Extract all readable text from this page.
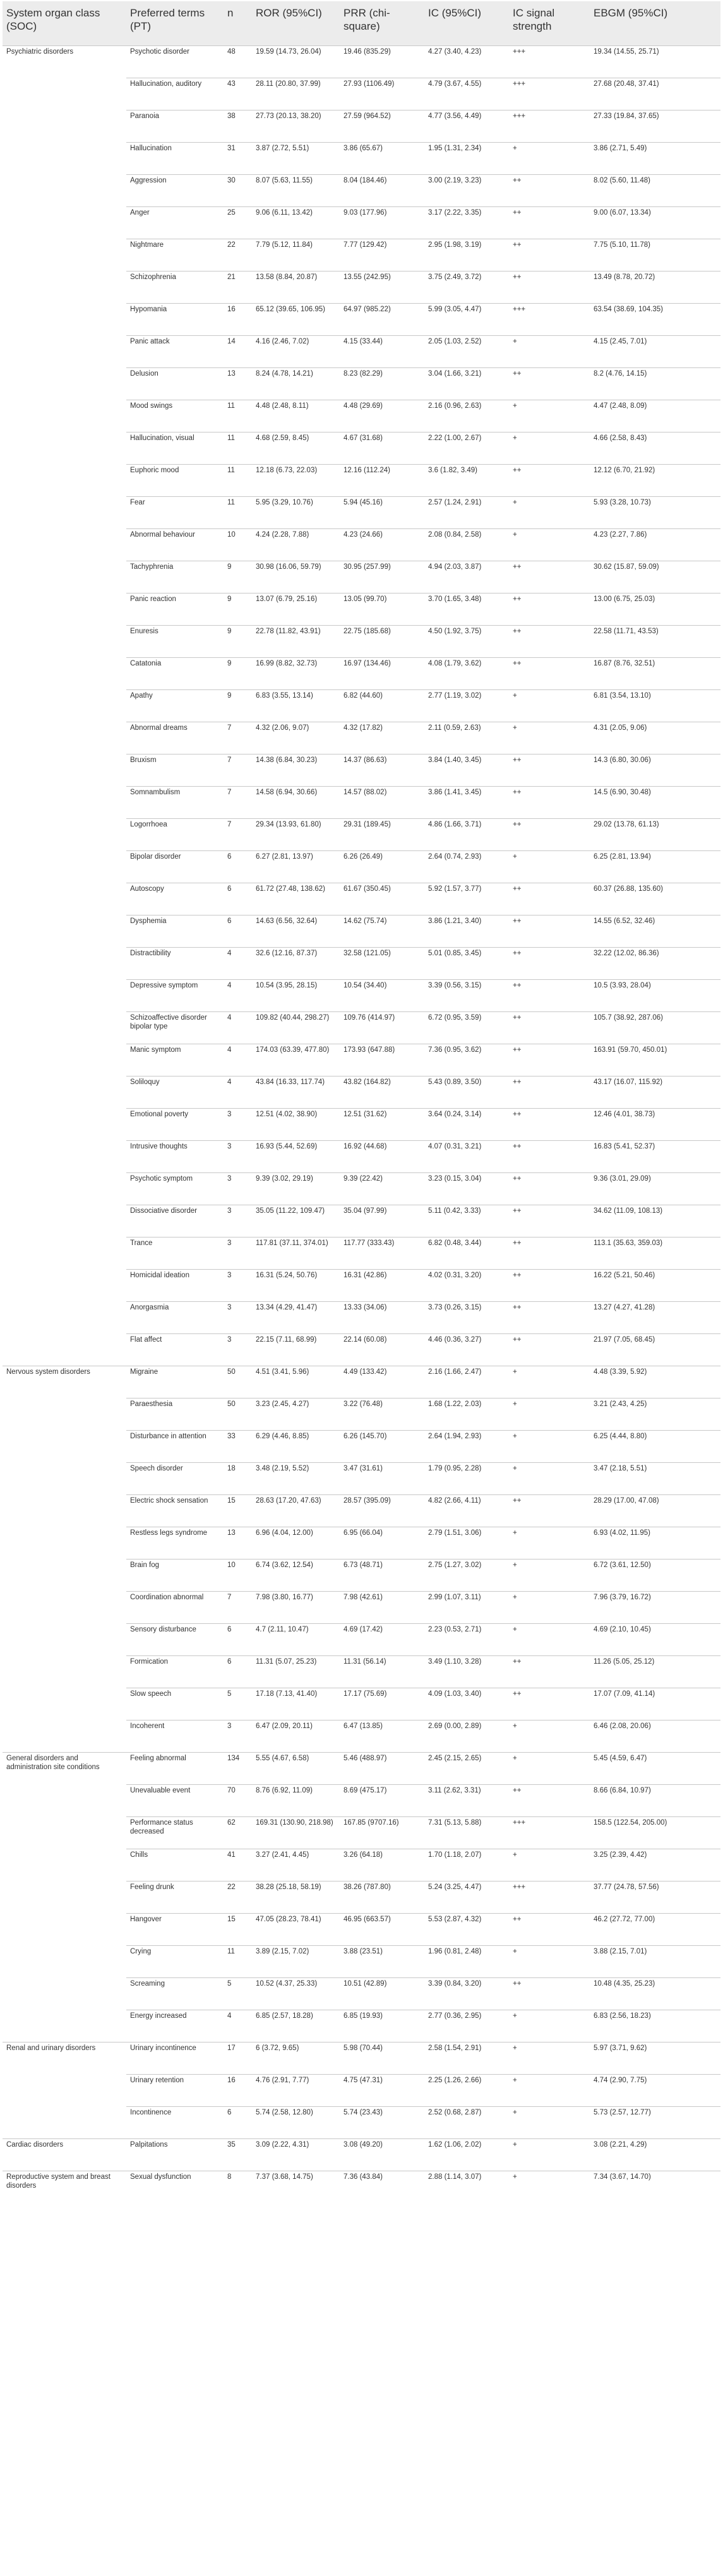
System organ class (SOC)	Preferred terms (PT)	n	ROR (95%CI)	PRR (chi-square)	IC (95%CI)	IC signal strength	EBGM (95%CI)
Psychiatric disorders	Psychotic disorder	48	19.59 (14.73, 26.04)	19.46 (835.29)	4.27 (3.40, 4.23)	+++	19.34 (14.55, 25.71)
	Hallucination, auditory	43	28.11 (20.80, 37.99)	27.93 (1106.49)	4.79 (3.67, 4.55)	+++	27.68 (20.48, 37.41)
	Paranoia	38	27.73 (20.13, 38.20)	27.59 (964.52)	4.77 (3.56, 4.49)	+++	27.33 (19.84, 37.65)
	Hallucination	31	3.87 (2.72, 5.51)	3.86 (65.67)	1.95 (1.31, 2.34)	+	3.86 (2.71, 5.49)
	Aggression	30	8.07 (5.63, 11.55)	8.04 (184.46)	3.00 (2.19, 3.23)	++	8.02 (5.60, 11.48)
	Anger	25	9.06 (6.11, 13.42)	9.03 (177.96)	3.17 (2.22, 3.35)	++	9.00 (6.07, 13.34)
	Nightmare	22	7.79 (5.12, 11.84)	7.77 (129.42)	2.95 (1.98, 3.19)	++	7.75 (5.10, 11.78)
	Schizophrenia	21	13.58 (8.84, 20.87)	13.55 (242.95)	3.75 (2.49, 3.72)	++	13.49 (8.78, 20.72)
	Hypomania	16	65.12 (39.65, 106.95)	64.97 (985.22)	5.99 (3.05, 4.47)	+++	63.54 (38.69, 104.35)
	Panic attack	14	4.16 (2.46, 7.02)	4.15 (33.44)	2.05 (1.03, 2.52)	+	4.15 (2.45, 7.01)
	Delusion	13	8.24 (4.78, 14.21)	8.23 (82.29)	3.04 (1.66, 3.21)	++	8.2 (4.76, 14.15)
	Mood swings	11	4.48 (2.48, 8.11)	4.48 (29.69)	2.16 (0.96, 2.63)	+	4.47 (2.48, 8.09)
	Hallucination, visual	11	4.68 (2.59, 8.45)	4.67 (31.68)	2.22 (1.00, 2.67)	+	4.66 (2.58, 8.43)
	Euphoric mood	11	12.18 (6.73, 22.03)	12.16 (112.24)	3.6 (1.82, 3.49)	++	12.12 (6.70, 21.92)
	Fear	11	5.95 (3.29, 10.76)	5.94 (45.16)	2.57 (1.24, 2.91)	+	5.93 (3.28, 10.73)
	Abnormal behaviour	10	4.24 (2.28, 7.88)	4.23 (24.66)	2.08 (0.84, 2.58)	+	4.23 (2.27, 7.86)
	Tachyphrenia	9	30.98 (16.06, 59.79)	30.95 (257.99)	4.94 (2.03, 3.87)	++	30.62 (15.87, 59.09)
	Panic reaction	9	13.07 (6.79, 25.16)	13.05 (99.70)	3.70 (1.65, 3.48)	++	13.00 (6.75, 25.03)
	Enuresis	9	22.78 (11.82, 43.91)	22.75 (185.68)	4.50 (1.92, 3.75)	++	22.58 (11.71, 43.53)
	Catatonia	9	16.99 (8.82, 32.73)	16.97 (134.46)	4.08 (1.79, 3.62)	++	16.87 (8.76, 32.51)
	Apathy	9	6.83 (3.55, 13.14)	6.82 (44.60)	2.77 (1.19, 3.02)	+	6.81 (3.54, 13.10)
	Abnormal dreams	7	4.32 (2.06, 9.07)	4.32 (17.82)	2.11 (0.59, 2.63)	+	4.31 (2.05, 9.06)
	Bruxism	7	14.38 (6.84, 30.23)	14.37 (86.63)	3.84 (1.40, 3.45)	++	14.3 (6.80, 30.06)
	Somnambulism	7	14.58 (6.94, 30.66)	14.57 (88.02)	3.86 (1.41, 3.45)	++	14.5 (6.90, 30.48)
	Logorrhoea	7	29.34 (13.93, 61.80)	29.31 (189.45)	4.86 (1.66, 3.71)	++	29.02 (13.78, 61.13)
	Bipolar disorder	6	6.27 (2.81, 13.97)	6.26 (26.49)	2.64 (0.74, 2.93)	+	6.25 (2.81, 13.94)
	Autoscopy	6	61.72 (27.48, 138.62)	61.67 (350.45)	5.92 (1.57, 3.77)	++	60.37 (26.88, 135.60)
	Dysphemia	6	14.63 (6.56, 32.64)	14.62 (75.74)	3.86 (1.21, 3.40)	++	14.55 (6.52, 32.46)
	Distractibility	4	32.6 (12.16, 87.37)	32.58 (121.05)	5.01 (0.85, 3.45)	++	32.22 (12.02, 86.36)
	Depressive symptom	4	10.54 (3.95, 28.15)	10.54 (34.40)	3.39 (0.56, 3.15)	++	10.5 (3.93, 28.04)
	Schizoaffective disorder bipolar type	4	109.82 (40.44, 298.27)	109.76 (414.97)	6.72 (0.95, 3.59)	++	105.7 (38.92, 287.06)
	Manic symptom	4	174.03 (63.39, 477.80)	173.93 (647.88)	7.36 (0.95, 3.62)	++	163.91 (59.70, 450.01)
	Soliloquy	4	43.84 (16.33, 117.74)	43.82 (164.82)	5.43 (0.89, 3.50)	++	43.17 (16.07, 115.92)
	Emotional poverty	3	12.51 (4.02, 38.90)	12.51 (31.62)	3.64 (0.24, 3.14)	++	12.46 (4.01, 38.73)
	Intrusive thoughts	3	16.93 (5.44, 52.69)	16.92 (44.68)	4.07 (0.31, 3.21)	++	16.83 (5.41, 52.37)
	Psychotic symptom	3	9.39 (3.02, 29.19)	9.39 (22.42)	3.23 (0.15, 3.04)	++	9.36 (3.01, 29.09)
	Dissociative disorder	3	35.05 (11.22, 109.47)	35.04 (97.99)	5.11 (0.42, 3.33)	++	34.62 (11.09, 108.13)
	Trance	3	117.81 (37.11, 374.01)	117.77 (333.43)	6.82 (0.48, 3.44)	++	113.1 (35.63, 359.03)
	Homicidal ideation	3	16.31 (5.24, 50.76)	16.31 (42.86)	4.02 (0.31, 3.20)	++	16.22 (5.21, 50.46)
	Anorgasmia	3	13.34 (4.29, 41.47)	13.33 (34.06)	3.73 (0.26, 3.15)	++	13.27 (4.27, 41.28)
	Flat affect	3	22.15 (7.11, 68.99)	22.14 (60.08)	4.46 (0.36, 3.27)	++	21.97 (7.05, 68.45)
Nervous system disorders	Migraine	50	4.51 (3.41, 5.96)	4.49 (133.42)	2.16 (1.66, 2.47)	+	4.48 (3.39, 5.92)
	Paraesthesia	50	3.23 (2.45, 4.27)	3.22 (76.48)	1.68 (1.22, 2.03)	+	3.21 (2.43, 4.25)
	Disturbance in attention	33	6.29 (4.46, 8.85)	6.26 (145.70)	2.64 (1.94, 2.93)	+	6.25 (4.44, 8.80)
	Speech disorder	18	3.48 (2.19, 5.52)	3.47 (31.61)	1.79 (0.95, 2.28)	+	3.47 (2.18, 5.51)
	Electric shock sensation	15	28.63 (17.20, 47.63)	28.57 (395.09)	4.82 (2.66, 4.11)	++	28.29 (17.00, 47.08)
	Restless legs syndrome	13	6.96 (4.04, 12.00)	6.95 (66.04)	2.79 (1.51, 3.06)	+	6.93 (4.02, 11.95)
	Brain fog	10	6.74 (3.62, 12.54)	6.73 (48.71)	2.75 (1.27, 3.02)	+	6.72 (3.61, 12.50)
	Coordination abnormal	7	7.98 (3.80, 16.77)	7.98 (42.61)	2.99 (1.07, 3.11)	+	7.96 (3.79, 16.72)
	Sensory disturbance	6	4.7 (2.11, 10.47)	4.69 (17.42)	2.23 (0.53, 2.71)	+	4.69 (2.10, 10.45)
	Formication	6	11.31 (5.07, 25.23)	11.31 (56.14)	3.49 (1.10, 3.28)	++	11.26 (5.05, 25.12)
	Slow speech	5	17.18 (7.13, 41.40)	17.17 (75.69)	4.09 (1.03, 3.40)	++	17.07 (7.09, 41.14)
	Incoherent	3	6.47 (2.09, 20.11)	6.47 (13.85)	2.69 (0.00, 2.89)	+	6.46 (2.08, 20.06)
General disorders and administration site conditions	Feeling abnormal	134	5.55 (4.67, 6.58)	5.46 (488.97)	2.45 (2.15, 2.65)	+	5.45 (4.59, 6.47)
	Unevaluable event	70	8.76 (6.92, 11.09)	8.69 (475.17)	3.11 (2.62, 3.31)	++	8.66 (6.84, 10.97)
	Performance status decreased	62	169.31 (130.90, 218.98)	167.85 (9707.16)	7.31 (5.13, 5.88)	+++	158.5 (122.54, 205.00)
	Chills	41	3.27 (2.41, 4.45)	3.26 (64.18)	1.70 (1.18, 2.07)	+	3.25 (2.39, 4.42)
	Feeling drunk	22	38.28 (25.18, 58.19)	38.26 (787.80)	5.24 (3.25, 4.47)	+++	37.77 (24.78, 57.56)
	Hangover	15	47.05 (28.23, 78.41)	46.95 (663.57)	5.53 (2.87, 4.32)	++	46.2 (27.72, 77.00)
	Crying	11	3.89 (2.15, 7.02)	3.88 (23.51)	1.96 (0.81, 2.48)	+	3.88 (2.15, 7.01)
	Screaming	5	10.52 (4.37, 25.33)	10.51 (42.89)	3.39 (0.84, 3.20)	++	10.48 (4.35, 25.23)
	Energy increased	4	6.85 (2.57, 18.28)	6.85 (19.93)	2.77 (0.36, 2.95)	+	6.83 (2.56, 18.23)
Renal and urinary disorders	Urinary incontinence	17	6 (3.72, 9.65)	5.98 (70.44)	2.58 (1.54, 2.91)	+	5.97 (3.71, 9.62)
	Urinary retention	16	4.76 (2.91, 7.77)	4.75 (47.31)	2.25 (1.26, 2.66)	+	4.74 (2.90, 7.75)
	Incontinence	6	5.74 (2.58, 12.80)	5.74 (23.43)	2.52 (0.68, 2.87)	+	5.73 (2.57, 12.77)
Cardiac disorders	Palpitations	35	3.09 (2.22, 4.31)	3.08 (49.20)	1.62 (1.06, 2.02)	+	3.08 (2.21, 4.29)
Reproductive system and breast disorders	Sexual dysfunction	8	7.37 (3.68, 14.75)	7.36 (43.84)	2.88 (1.14, 3.07)	+	7.34 (3.67, 14.70)
